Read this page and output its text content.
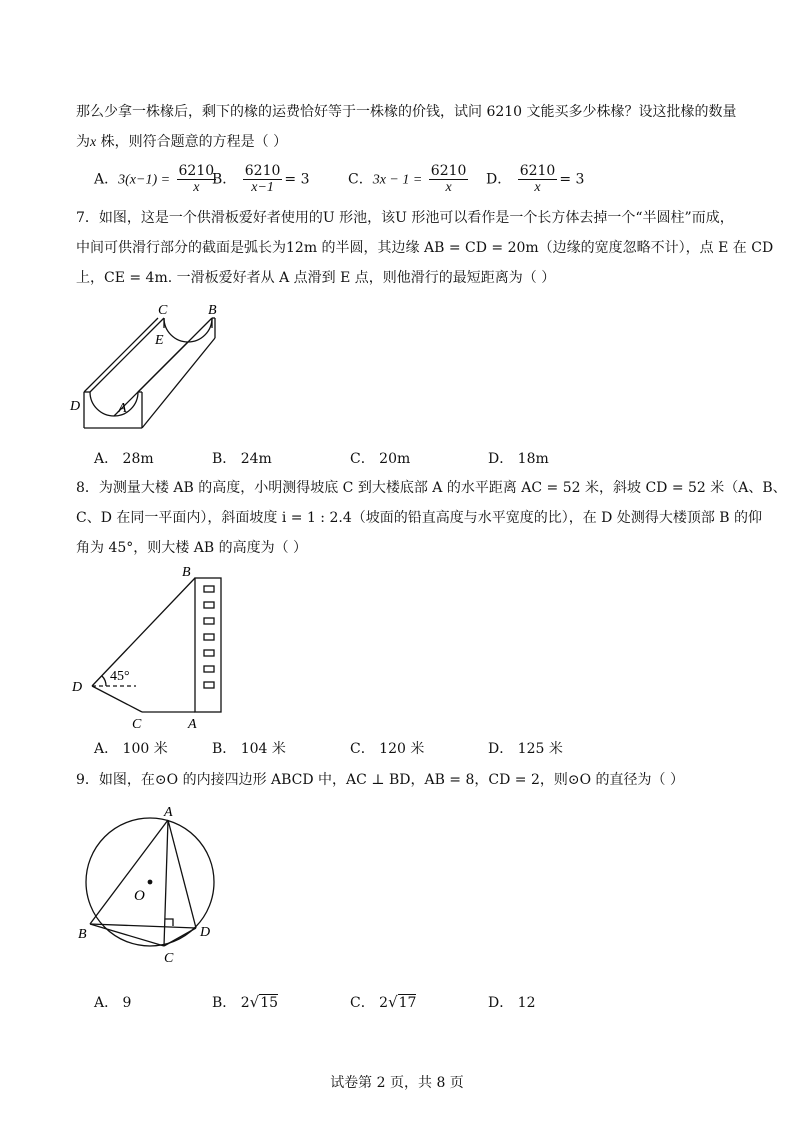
那么少拿一株椽后，剩下的椽的运费恰好等于一株椽的价钱，试问 6210 文能买多少株椽？设这批椽的数量
为x 株，则符合题意的方程是（ ）
A．$3(x-1) = \frac{6210}{x}$
B． $\frac{6210}{x-1} = 3$	C．$3x - 1 = \frac{6210}{x}$ D． $\frac{6210}{x} = 3$
7．如图，这是一个供滑板爱好者使用的U 形池，该U 形池可以看作是一个长方体去掉一个“半圆柱”而成，
中间可供滑行部分的截面是弧长为12m 的半圆，其边缘 AB = CD = 20m（边缘的宽度忽略不计），点 E 在 CD
上，CE = 4m. 一滑板爱好者从 A 点滑到 E 点，则他滑行的最短距离为（ ）
C	B
E
D	A
A． 28m	B． 24m	C． 20m	D． 18m
8．为测量大楼 AB 的高度，小明测得坡底 C 到大楼底部 A 的水平距离 AC = 52 米，斜坡 CD = 52 米（A、B、
C、D 在同一平面内），斜面坡度 i = 1 : 2.4（坡面的铅直高度与水平宽度的比），在 D 处测得大楼顶部 B 的仰
角为 45°，则大楼 AB 的高度为（ ）
B
45°
D
C	A
A． 100 米	B． 104 米	C． 120 米	D． 125 米
9．如图，在⊙O 的内接四边形 ABCD 中，AC ⊥ BD，AB = 8，CD = 2，则⊙O 的直径为（ ）
A
O
B	D
C
A． 9	B． 2√15	C． 2√17	D． 12
试卷第 2 页，共 8 页
